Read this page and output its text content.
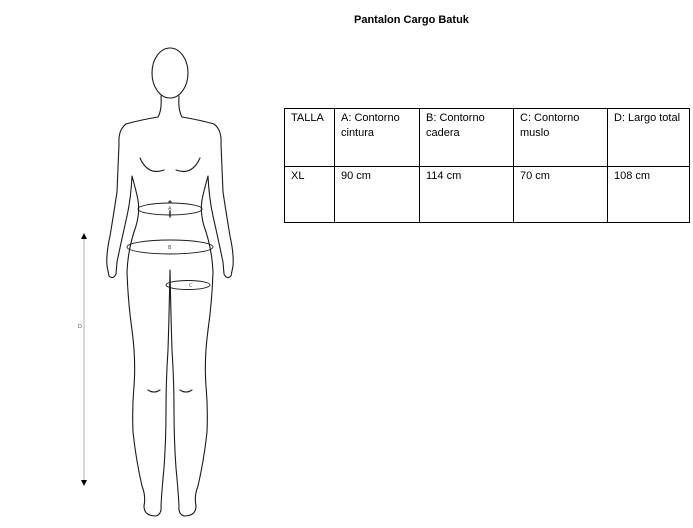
Pantalon Cargo Batuk
A
B
C
D
TALLA	A: Contorno cintura	B: Contorno cadera	C: Contorno muslo	D: Largo total
XL	90 cm	114 cm	70 cm	108 cm
